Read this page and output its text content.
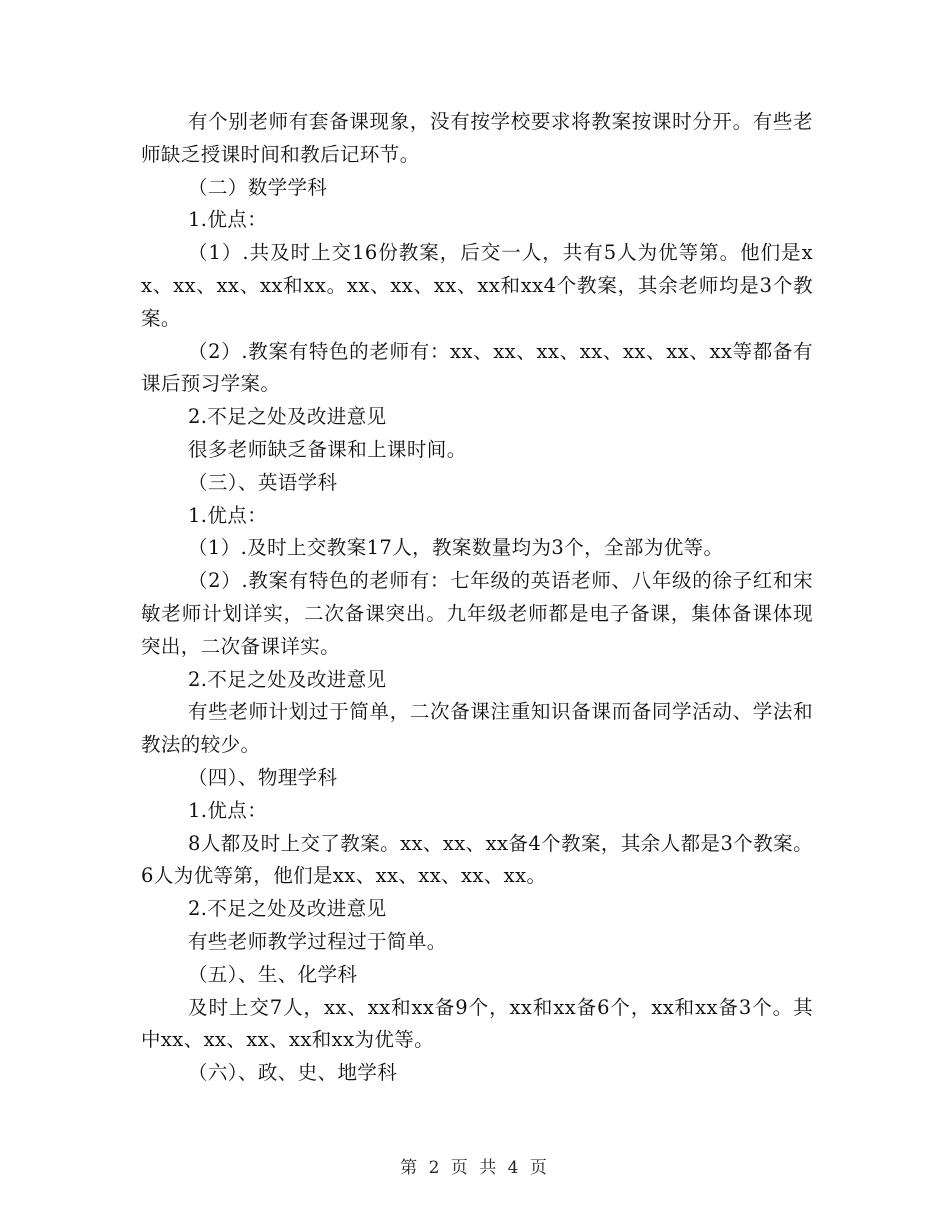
有个别老师有套备课现象，没有按学校要求将教案按课时分开。有些老师缺乏授课时间和教后记环节。

（二）数学学科

1.优点：

（1）.共及时上交16份教案，后交一人，共有5人为优等第。他们是xx、xx、xx、xx和xx。xx、xx、xx、xx和xx4个教案，其余老师均是3个教案。

（2）.教案有特色的老师有：xx、xx、xx、xx、xx、xx、xx等都备有课后预习学案。

2.不足之处及改进意见

很多老师缺乏备课和上课时间。

（三）、英语学科

1.优点：

（1）.及时上交教案17人，教案数量均为3个，全部为优等。

（2）.教案有特色的老师有：七年级的英语老师、八年级的徐子红和宋敏老师计划详实，二次备课突出。九年级老师都是电子备课，集体备课体现突出，二次备课详实。

2.不足之处及改进意见

有些老师计划过于简单，二次备课注重知识备课而备同学活动、学法和教法的较少。

（四）、物理学科

1.优点：

8人都及时上交了教案。xx、xx、xx备4个教案，其余人都是3个教案。6人为优等第，他们是xx、xx、xx、xx、xx。

2.不足之处及改进意见

有些老师教学过程过于简单。

（五）、生、化学科

及时上交7人，xx、xx和xx备9个，xx和xx备6个，xx和xx备3个。其中xx、xx、xx、xx和xx为优等。

（六）、政、史、地学科

第 2 页 共 4 页
